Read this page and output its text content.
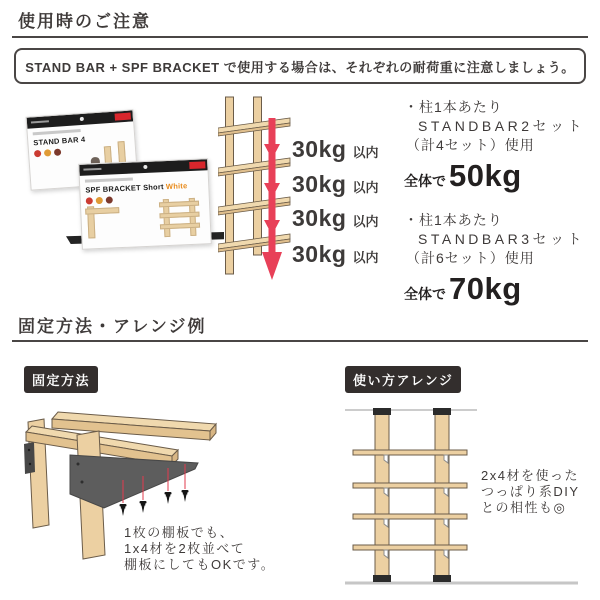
使用時のご注意
STAND BAR + SPF BRACKET で使用する場合は、それぞれの耐荷重に注意しましょう。
STAND BAR 4
SPF BRACKET Short White
30kg 以内
30kg 以内
30kg 以内
30kg 以内
・柱1本あたり
STANDBAR2セット
（計4セット）使用
全体で 50kg
・柱1本あたり
STANDBAR3セット
（計6セット）使用
全体で 70kg
固定方法・アレンジ例
固定方法	使い方アレンジ
1枚の棚板でも、
1x4材を2枚並べて
棚板にしてもOKです。
2x4材を使った
つっぱり系DIY
との相性も◎
